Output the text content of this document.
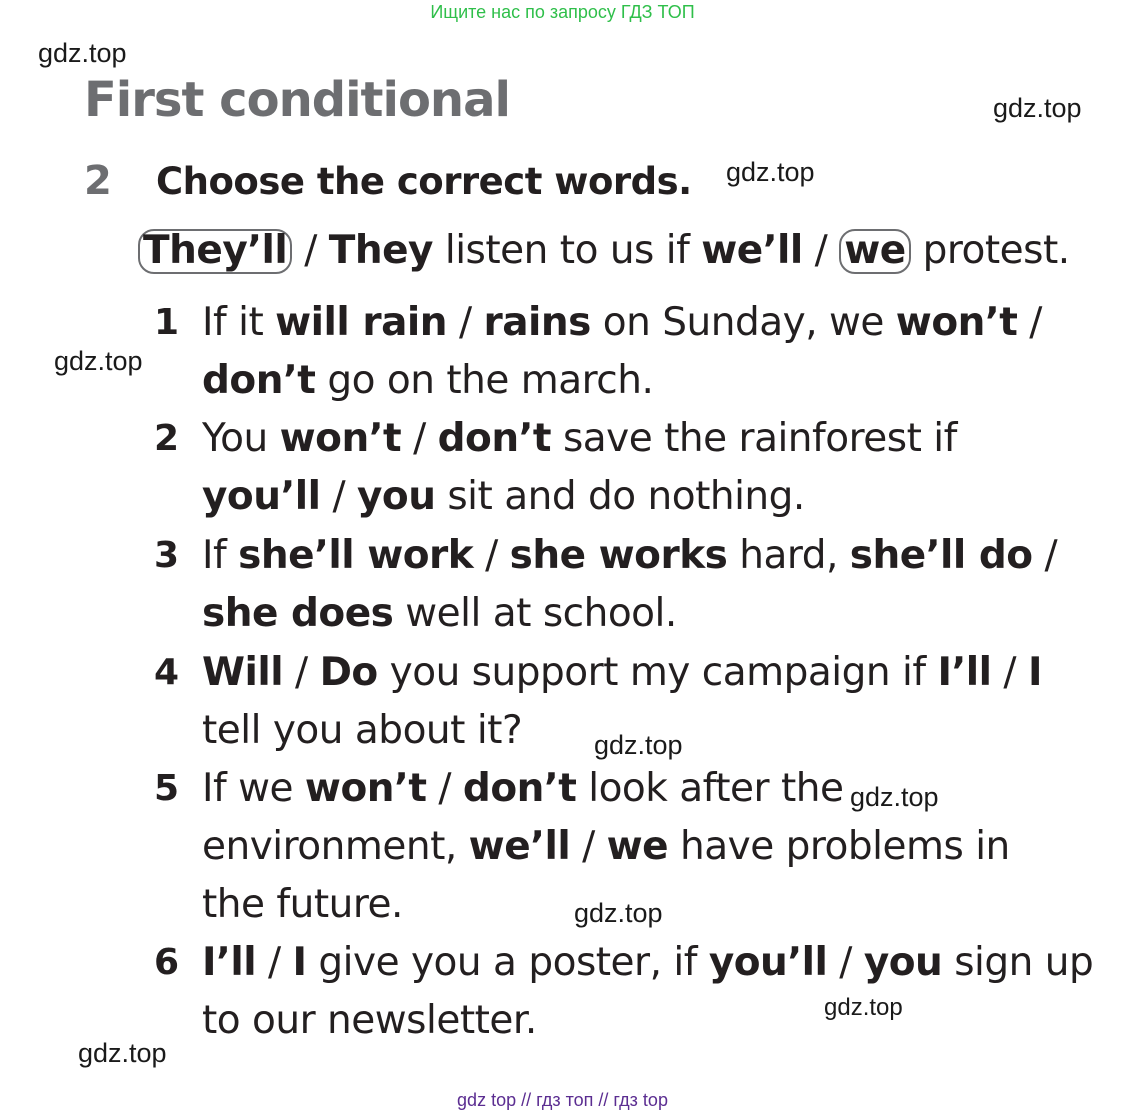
Ищите нас по запросу ГДЗ ТОП
gdz.top
gdz.top
gdz.top
gdz.top
gdz.top
gdz.top
gdz.top
gdz.top
gdz.top
First conditional
2 Choose the correct words.
They’ll / They listen to us if we’ll / we protest.
1 If it will rain / rains on Sunday, we won’t /
don’t go on the march.
2 You won’t / don’t save the rainforest if
you’ll / you sit and do nothing.
3 If she’ll work / she works hard, she’ll do /
she does well at school.
4 Will / Do you support my campaign if I’ll / I
tell you about it?
5 If we won’t / don’t look after the
environment, we’ll / we have problems in
the future.
6 I’ll / I give you a poster, if you’ll / you sign up
to our newsletter.
gdz top // гдз топ // гдз top
